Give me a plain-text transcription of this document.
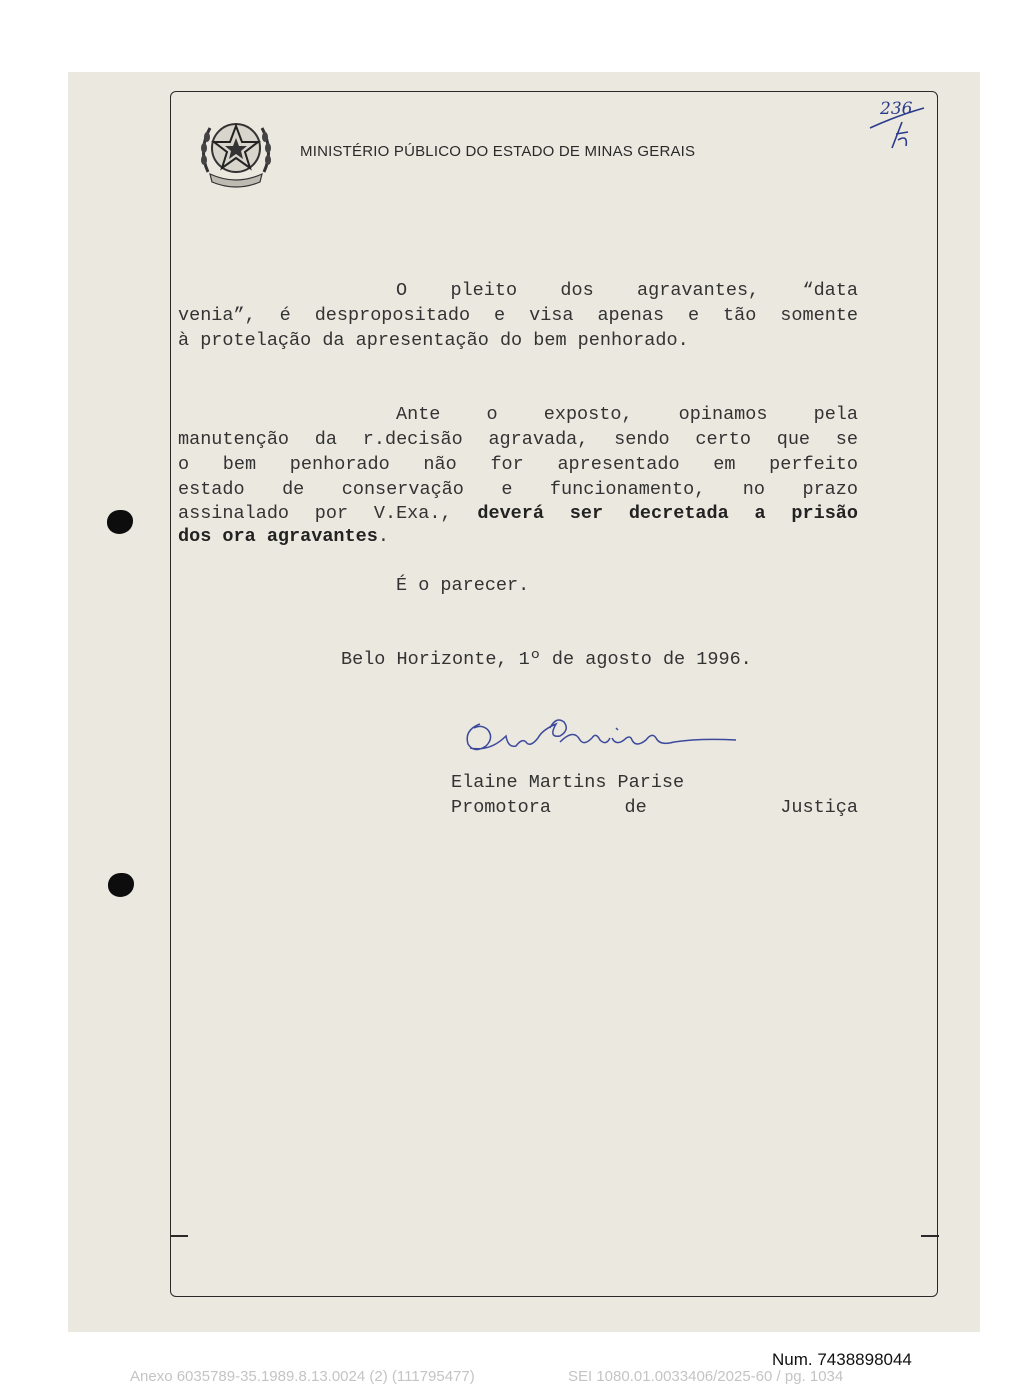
MINISTÉRIO PÚBLICO DO ESTADO DE MINAS GERAIS
236
O pleito dos agravantes, “data
venia”, é despropositado e visa apenas e tão somente
à protelação da apresentação do bem penhorado.
Ante o exposto, opinamos pela
manutenção da r.decisão agravada, sendo certo que se
o bem penhorado não for apresentado em perfeito
estado de conservação e funcionamento, no prazo
assinalado por V.Exa., deverá ser decretada a prisão
dos ora agravantes.
É o parecer.
Belo Horizonte, 1º de agosto de 1996.
Elaine Martins Parise
Promotora	de	Justiça
Num. 7438898044
Anexo 6035789-35.1989.8.13.0024 (2) (111795477)	SEI 1080.01.0033406/2025-60 / pg. 1034
